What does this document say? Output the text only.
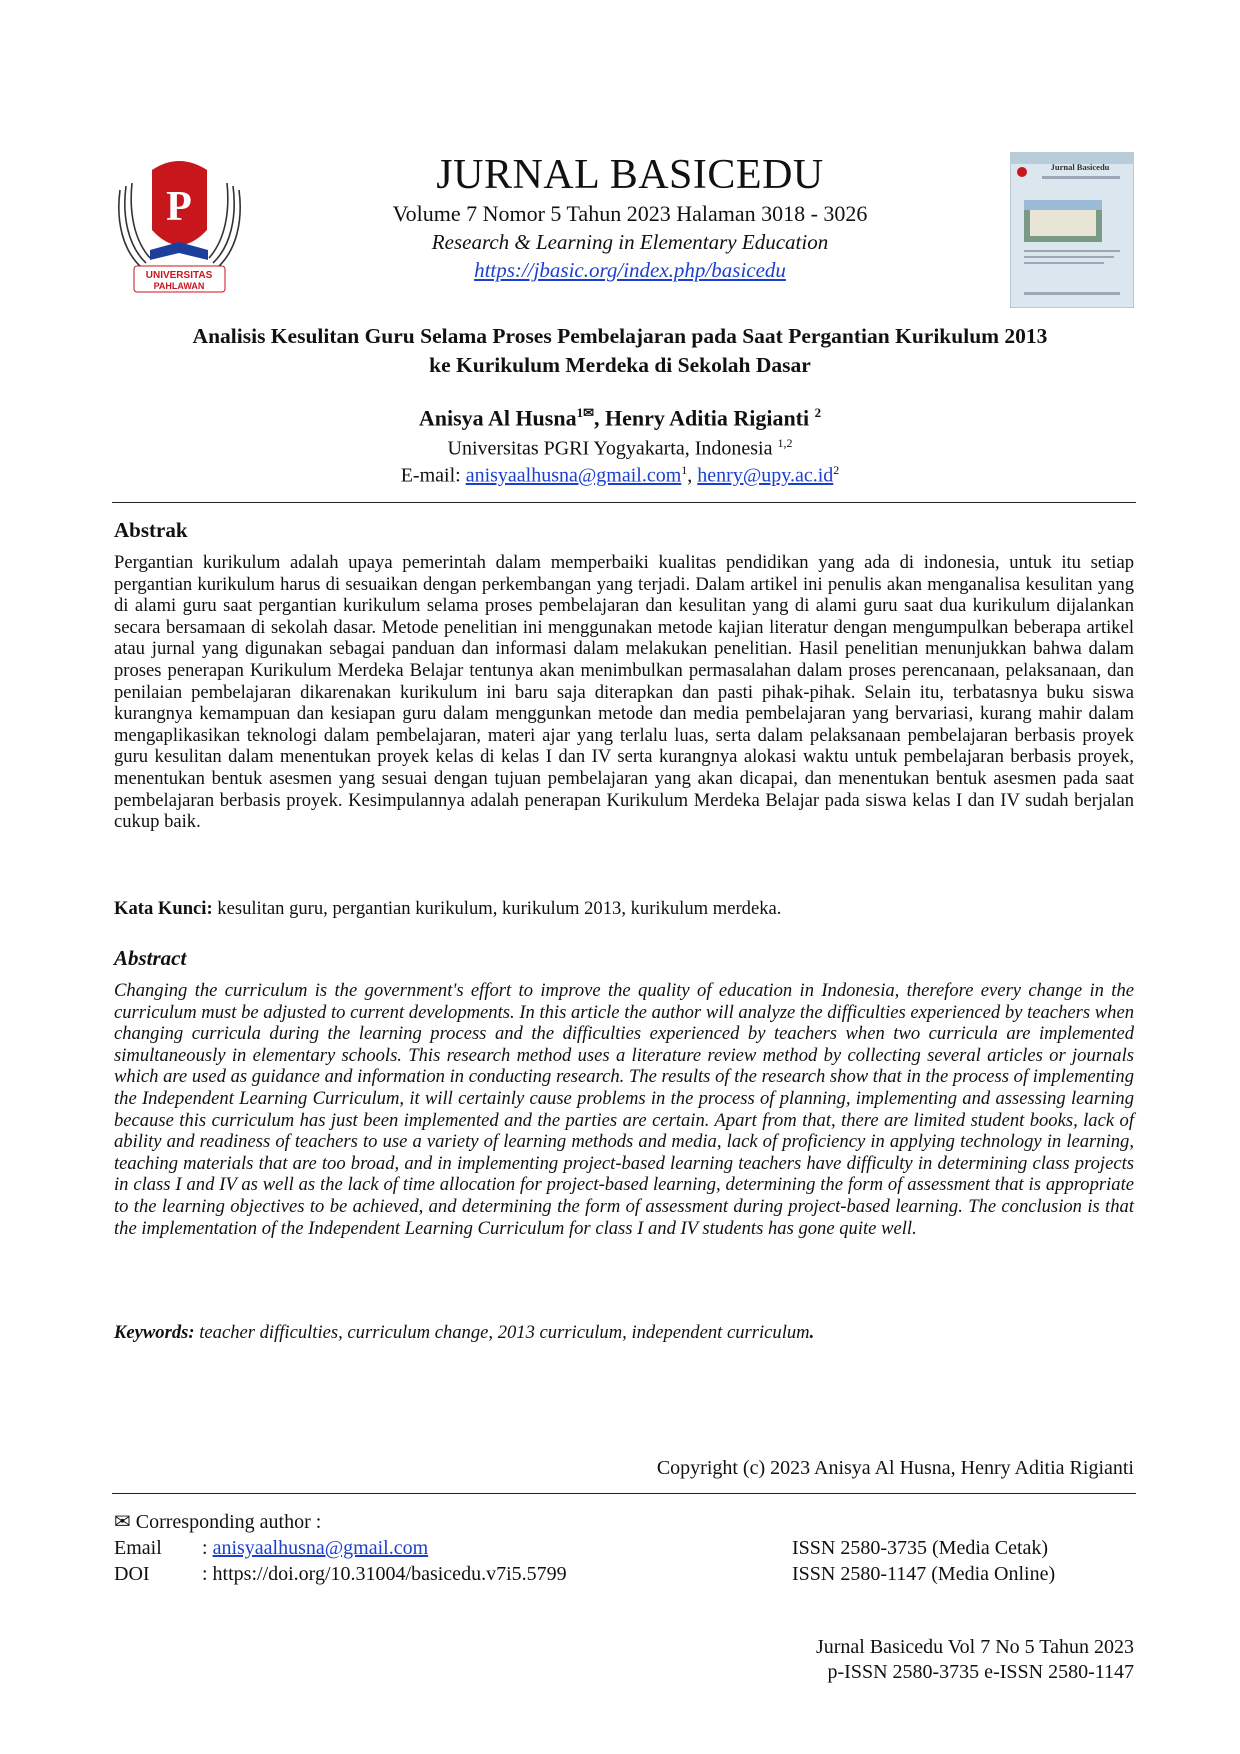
P
UNIVERSITAS
PAHLAWAN
JURNAL BASICEDU
Volume 7 Nomor 5 Tahun 2023 Halaman 3018 - 3026
Research & Learning in Elementary Education
https://jbasic.org/index.php/basicedu
Jurnal Basicedu
Analisis Kesulitan Guru Selama Proses Pembelajaran pada Saat Pergantian Kurikulum 2013
ke Kurikulum Merdeka di Sekolah Dasar
Anisya Al Husna$^{1✉}$, Henry Aditia Rigianti $^2$
Universitas PGRI Yogyakarta, Indonesia $^{1,2}$
E-mail: anisyaalhusna@gmail.com$^1$, $henry@upy.ac.id^2$
Abstrak
Pergantian kurikulum adalah upaya pemerintah dalam memperbaiki kualitas pendidikan yang ada di indonesia, untuk itu setiap pergantian kurikulum harus di sesuaikan dengan perkembangan yang terjadi. Dalam artikel ini penulis akan menganalisa kesulitan yang di alami guru saat pergantian kurikulum selama proses pembelajaran dan kesulitan yang di alami guru saat dua kurikulum dijalankan secara bersamaan di sekolah dasar. Metode penelitian ini menggunakan metode kajian literatur dengan mengumpulkan beberapa artikel atau jurnal yang digunakan sebagai panduan dan informasi dalam melakukan penelitian. Hasil penelitian menunjukkan bahwa dalam proses penerapan Kurikulum Merdeka Belajar tentunya akan menimbulkan permasalahan dalam proses perencanaan, pelaksanaan, dan penilaian pembelajaran dikarenakan kurikulum ini baru saja diterapkan dan pasti pihak-pihak. Selain itu, terbatasnya buku siswa kurangnya kemampuan dan kesiapan guru dalam menggunkan metode dan media pembelajaran yang bervariasi, kurang mahir dalam mengaplikasikan teknologi dalam pembelajaran, materi ajar yang terlalu luas, serta dalam pelaksanaan pembelajaran berbasis proyek guru kesulitan dalam menentukan proyek kelas di kelas I dan IV serta kurangnya alokasi waktu untuk pembelajaran berbasis proyek, menentukan bentuk asesmen yang sesuai dengan tujuan pembelajaran yang akan dicapai, dan menentukan bentuk asesmen pada saat pembelajaran berbasis proyek. Kesimpulannya adalah penerapan Kurikulum Merdeka Belajar pada siswa kelas I dan IV sudah berjalan cukup baik.
Kata Kunci: kesulitan guru, pergantian kurikulum, kurikulum 2013, kurikulum merdeka.
Abstract
Changing the curriculum is the government's effort to improve the quality of education in Indonesia, therefore every change in the curriculum must be adjusted to current developments. In this article the author will analyze the difficulties experienced by teachers when changing curricula during the learning process and the difficulties experienced by teachers when two curricula are implemented simultaneously in elementary schools. This research method uses a literature review method by collecting several articles or journals which are used as guidance and information in conducting research. The results of the research show that in the process of implementing the Independent Learning Curriculum, it will certainly cause problems in the process of planning, implementing and assessing learning because this curriculum has just been implemented and the parties are certain. Apart from that, there are limited student books, lack of ability and readiness of teachers to use a variety of learning methods and media, lack of proficiency in applying technology in learning, teaching materials that are too broad, and in implementing project-based learning teachers have difficulty in determining class projects in class I and IV as well as the lack of time allocation for project-based learning, determining the form of assessment that is appropriate to the learning objectives to be achieved, and determining the form of assessment during project-based learning. The conclusion is that the implementation of the Independent Learning Curriculum for class I and IV students has gone quite well.
Keywords: teacher difficulties, curriculum change, 2013 curriculum, independent curriculum.
Copyright (c) 2023 Anisya Al Husna, Henry Aditia Rigianti
✉ Corresponding author :
Email : anisyaalhusna@gmail.com
DOI	: https://doi.org/10.31004/basicedu.v7i5.5799
ISSN 2580-3735 (Media Cetak)
ISSN 2580-1147 (Media Online)
Jurnal Basicedu Vol 7 No 5 Tahun 2023
p-ISSN 2580-3735 e-ISSN 2580-1147
